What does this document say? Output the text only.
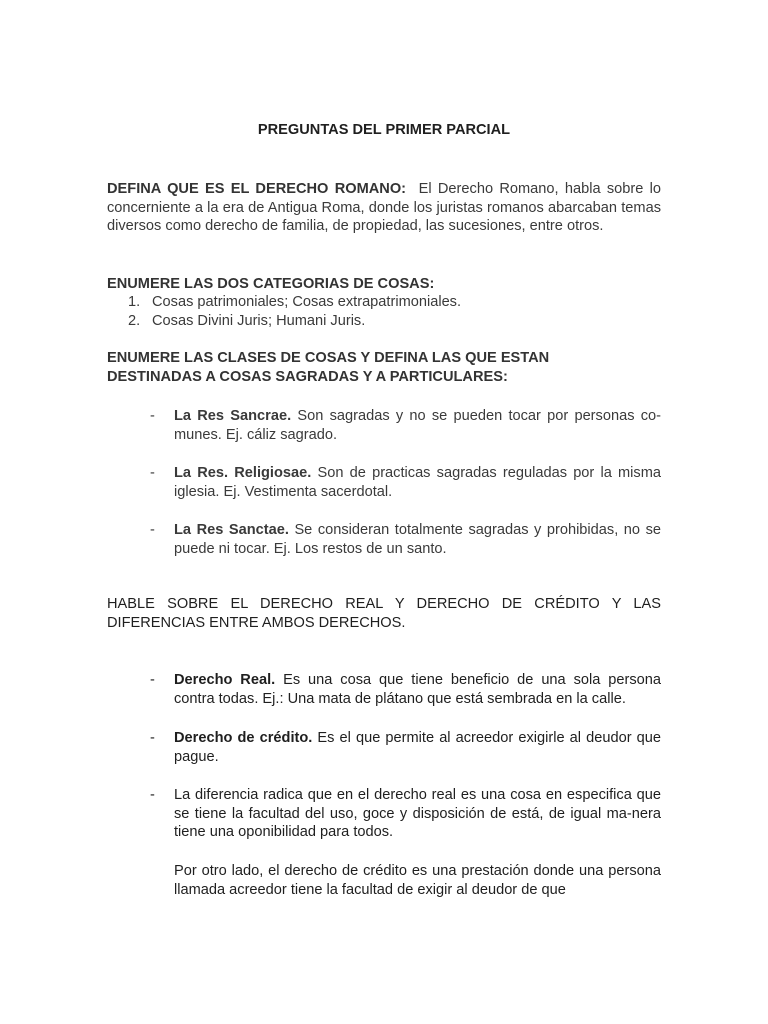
PREGUNTAS DEL PRIMER PARCIAL
DEFINA QUE ES EL DERECHO ROMANO: El Derecho Romano, habla sobre lo concerniente a la era de Antigua Roma, donde los juristas romanos abarcaban temas diversos como derecho de familia, de propiedad, las sucesiones, entre otros.
ENUMERE LAS DOS CATEGORIAS DE COSAS:
1. Cosas patrimoniales; Cosas extrapatrimoniales.
2. Cosas Divini Juris; Humani Juris.
ENUMERE LAS CLASES DE COSAS Y DEFINA LAS QUE ESTAN DESTINADAS A COSAS SAGRADAS Y A PARTICULARES:
- La Res Sancrae. Son sagradas y no se pueden tocar por personas co-munes. Ej. cáliz sagrado.
- La Res. Religiosae. Son de practicas sagradas reguladas por la misma iglesia. Ej. Vestimenta sacerdotal.
- La Res Sanctae. Se consideran totalmente sagradas y prohibidas, no se puede ni tocar. Ej. Los restos de un santo.
HABLE SOBRE EL DERECHO REAL Y DERECHO DE CRÉDITO Y LAS DIFERENCIAS ENTRE AMBOS DERECHOS.
- Derecho Real. Es una cosa que tiene beneficio de una sola persona contra todas. Ej.: Una mata de plátano que está sembrada en la calle.
- Derecho de crédito. Es el que permite al acreedor exigirle al deudor que pague.
- La diferencia radica que en el derecho real es una cosa en especifica que se tiene la facultad del uso, goce y disposición de está, de igual ma-nera tiene una oponibilidad para todos.
Por otro lado, el derecho de crédito es una prestación donde una persona llamada acreedor tiene la facultad de exigir al deudor de que
